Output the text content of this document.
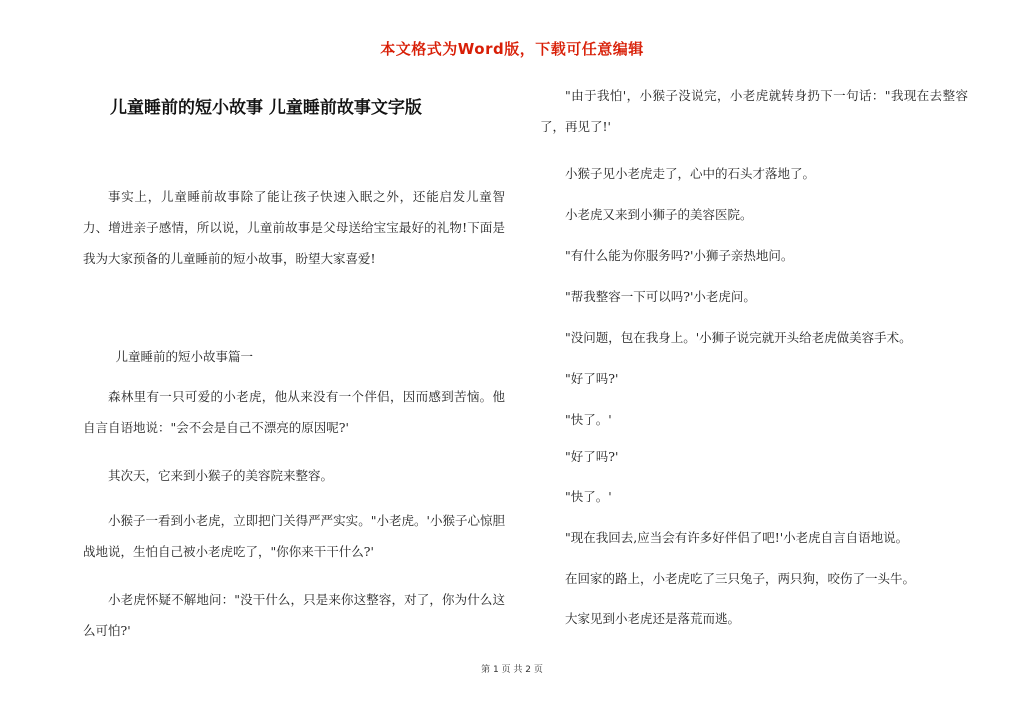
本文格式为Word版，下载可任意编辑
儿童睡前的短小故事 儿童睡前故事文字版
事实上，儿童睡前故事除了能让孩子快速入眠之外，还能启发儿童智力、增进亲子感情，所以说，儿童前故事是父母送给宝宝最好的礼物!下面是我为大家预备的儿童睡前的短小故事，盼望大家喜爱!
儿童睡前的短小故事篇一
森林里有一只可爱的小老虎，他从来没有一个伴侣，因而感到苦恼。他自言自语地说："会不会是自己不漂亮的原因呢?'
其次天，它来到小猴子的美容院来整容。
小猴子一看到小老虎，立即把门关得严严实实。"小老虎。'小猴子心惊胆战地说，生怕自己被小老虎吃了，"你你来干干什么?'
小老虎怀疑不解地问："没干什么，只是来你这整容，对了，你为什么这么可怕?'
"由于我怕'，小猴子没说完，小老虎就转身扔下一句话："我现在去整容了，再见了!'
小猴子见小老虎走了，心中的石头才落地了。
小老虎又来到小狮子的美容医院。
"有什么能为你服务吗?'小狮子亲热地问。
"帮我整容一下可以吗?'小老虎问。
"没问题，包在我身上。'小狮子说完就开头给老虎做美容手术。
"好了吗?'
"快了。'
"好了吗?'
"快了。'
"现在我回去,应当会有许多好伴侣了吧!'小老虎自言自语地说。
在回家的路上，小老虎吃了三只兔子，两只狗，咬伤了一头牛。
大家见到小老虎还是落荒而逃。
第 1 页 共 2 页
